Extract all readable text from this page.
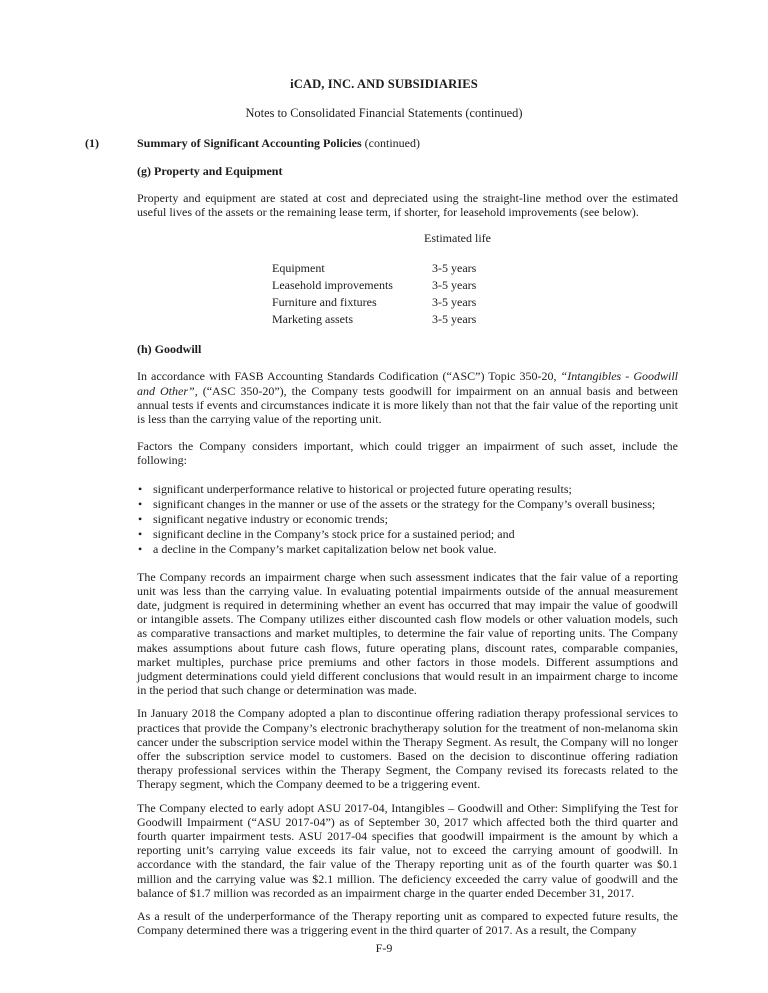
iCAD, INC. AND SUBSIDIARIES
Notes to Consolidated Financial Statements (continued)
(1)	Summary of Significant Accounting Policies (continued)
(g) Property and Equipment

Property and equipment are stated at cost and depreciated using the straight-line method over the estimated useful lives of the assets or the remaining lease term, if shorter, for leasehold improvements (see below).

Estimated life
Equipment	3-5 years
Leasehold improvements	3-5 years
Furniture and fixtures	3-5 years
Marketing assets	3-5 years
(h) Goodwill

In accordance with FASB Accounting Standards Codification (“ASC”) Topic 350-20, “Intangibles - Goodwill and Other”, (“ASC 350-20”), the Company tests goodwill for impairment on an annual basis and between annual tests if events and circumstances indicate it is more likely than not that the fair value of the reporting unit is less than the carrying value of the reporting unit.

Factors the Company considers important, which could trigger an impairment of such asset, include the following:

• significant underperformance relative to historical or projected future operating results;
• significant changes in the manner or use of the assets or the strategy for the Company’s overall business;
• significant negative industry or economic trends;
• significant decline in the Company’s stock price for a sustained period; and
• a decline in the Company’s market capitalization below net book value.

The Company records an impairment charge when such assessment indicates that the fair value of a reporting unit was less than the carrying value. In evaluating potential impairments outside of the annual measurement date, judgment is required in determining whether an event has occurred that may impair the value of goodwill or intangible assets. The Company utilizes either discounted cash flow models or other valuation models, such as comparative transactions and market multiples, to determine the fair value of reporting units. The Company makes assumptions about future cash flows, future operating plans, discount rates, comparable companies, market multiples, purchase price premiums and other factors in those models. Different assumptions and judgment determinations could yield different conclusions that would result in an impairment charge to income in the period that such change or determination was made.

In January 2018 the Company adopted a plan to discontinue offering radiation therapy professional services to practices that provide the Company’s electronic brachytherapy solution for the treatment of non-melanoma skin cancer under the subscription service model within the Therapy Segment. As result, the Company will no longer offer the subscription service model to customers. Based on the decision to discontinue offering radiation therapy professional services within the Therapy Segment, the Company revised its forecasts related to the Therapy segment, which the Company deemed to be a triggering event.

The Company elected to early adopt ASU 2017-04, Intangibles – Goodwill and Other: Simplifying the Test for Goodwill Impairment (“ASU 2017-04”) as of September 30, 2017 which affected both the third quarter and fourth quarter impairment tests. ASU 2017-04 specifies that goodwill impairment is the amount by which a reporting unit’s carrying value exceeds its fair value, not to exceed the carrying amount of goodwill. In accordance with the standard, the fair value of the Therapy reporting unit as of the fourth quarter was $0.1 million and the carrying value was $2.1 million. The deficiency exceeded the carry value of goodwill and the balance of $1.7 million was recorded as an impairment charge in the quarter ended December 31, 2017.

As a result of the underperformance of the Therapy reporting unit as compared to expected future results, the Company determined there was a triggering event in the third quarter of 2017. As a result, the Company

F-9
